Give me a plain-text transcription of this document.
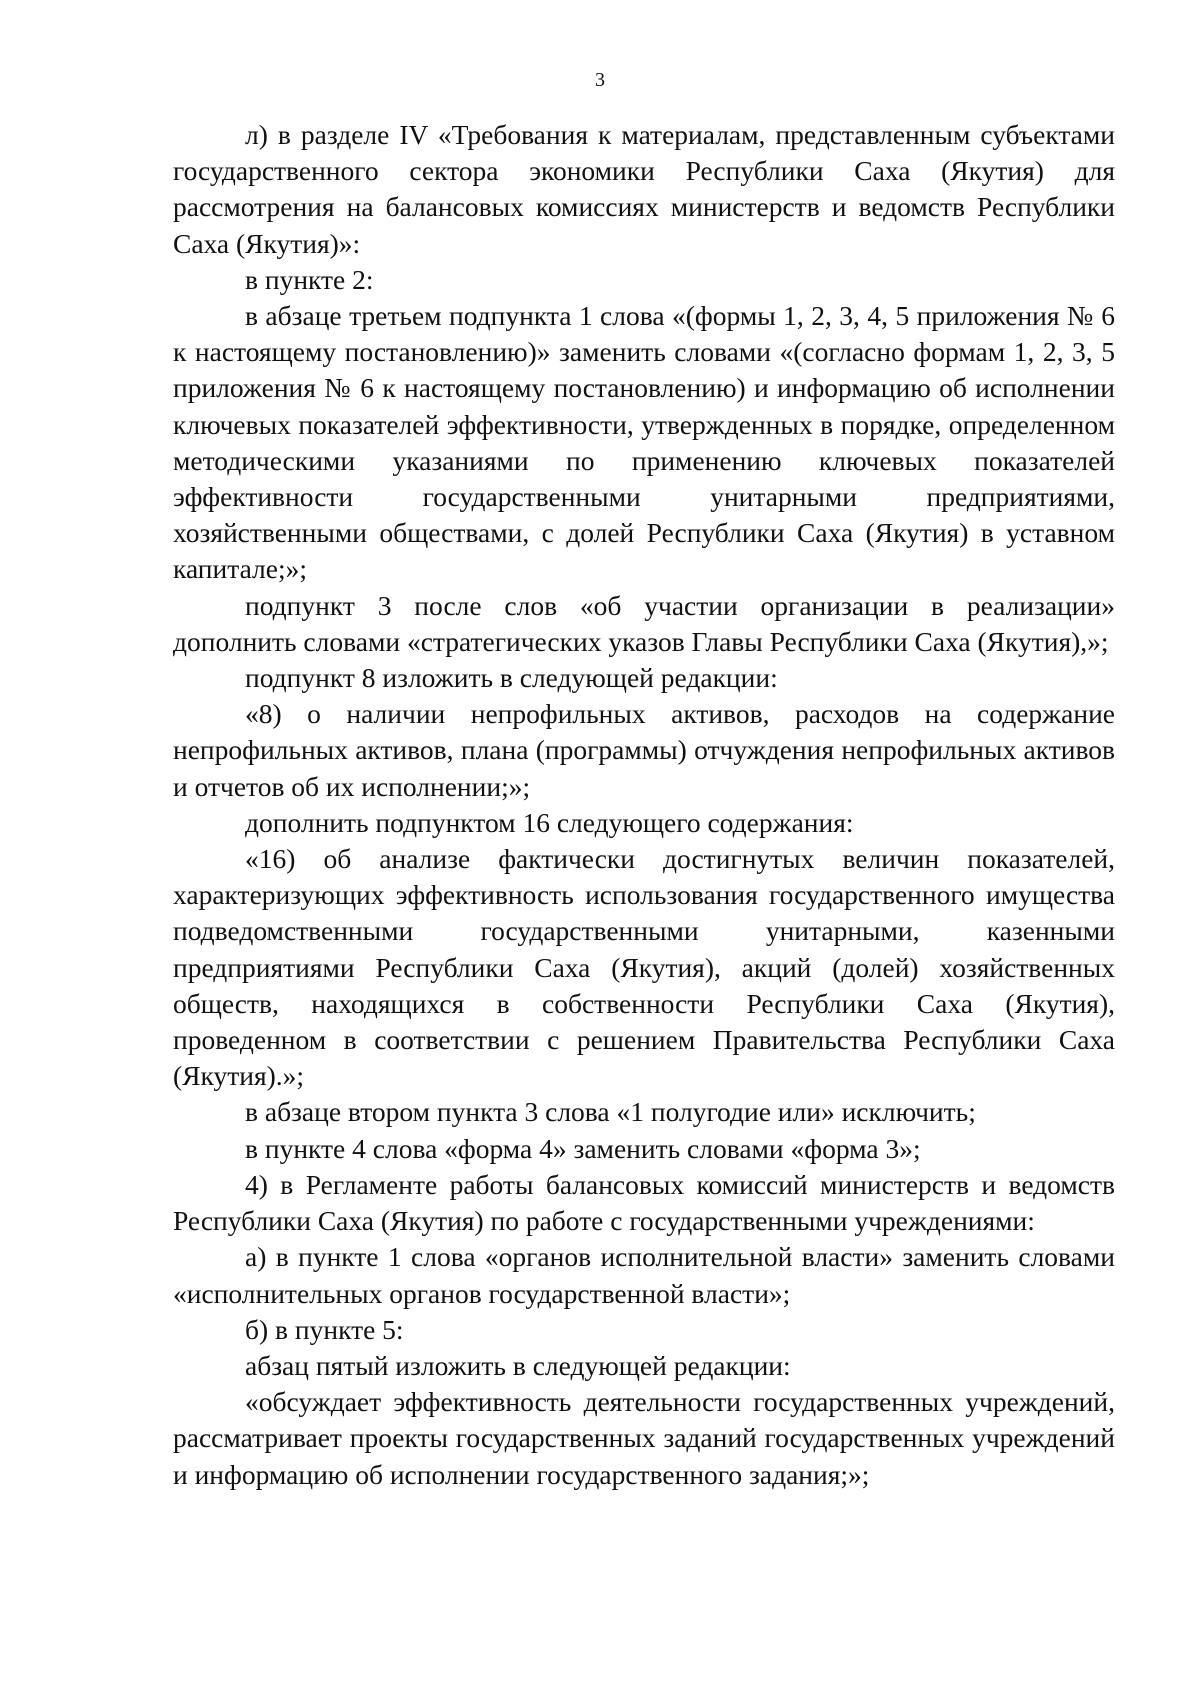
3

л) в разделе IV «Требования к материалам, представленным субъектами государственного сектора экономики Республики Саха (Якутия) для рассмотрения на балансовых комиссиях министерств и ведомств Республики Саха (Якутия)»:

в пункте 2:

в абзаце третьем подпункта 1 слова «(формы 1, 2, 3, 4, 5 приложения № 6 к настоящему постановлению)» заменить словами «(согласно формам 1, 2, 3, 5 приложения № 6 к настоящему постановлению) и информацию об исполнении ключевых показателей эффективности, утвержденных в порядке, определенном методическими указаниями по применению ключевых показателей эффективности государственными унитарными предприятиями, хозяйственными обществами, с долей Республики Саха (Якутия) в уставном капитале;»;

подпункт 3 после слов «об участии организации в реализации» дополнить словами «стратегических указов Главы Республики Саха (Якутия),»;

подпункт 8 изложить в следующей редакции:

«8) о наличии непрофильных активов, расходов на содержание непрофильных активов, плана (программы) отчуждения непрофильных активов и отчетов об их исполнении;»;

дополнить подпунктом 16 следующего содержания:

«16) об анализе фактически достигнутых величин показателей, характеризующих эффективность использования государственного имущества подведомственными государственными унитарными, казенными предприятиями Республики Саха (Якутия), акций (долей) хозяйственных обществ, находящихся в собственности Республики Саха (Якутия), проведенном в соответствии с решением Правительства Республики Саха (Якутия).»;

в абзаце втором пункта 3 слова «1 полугодие или» исключить;

в пункте 4 слова «форма 4» заменить словами «форма 3»;

4) в Регламенте работы балансовых комиссий министерств и ведомств Республики Саха (Якутия) по работе с государственными учреждениями:

а) в пункте 1 слова «органов исполнительной власти» заменить словами «исполнительных органов государственной власти»;

б) в пункте 5:

абзац пятый изложить в следующей редакции:

«обсуждает эффективность деятельности государственных учреждений, рассматривает проекты государственных заданий государственных учреждений и информацию об исполнении государственного задания;»;
